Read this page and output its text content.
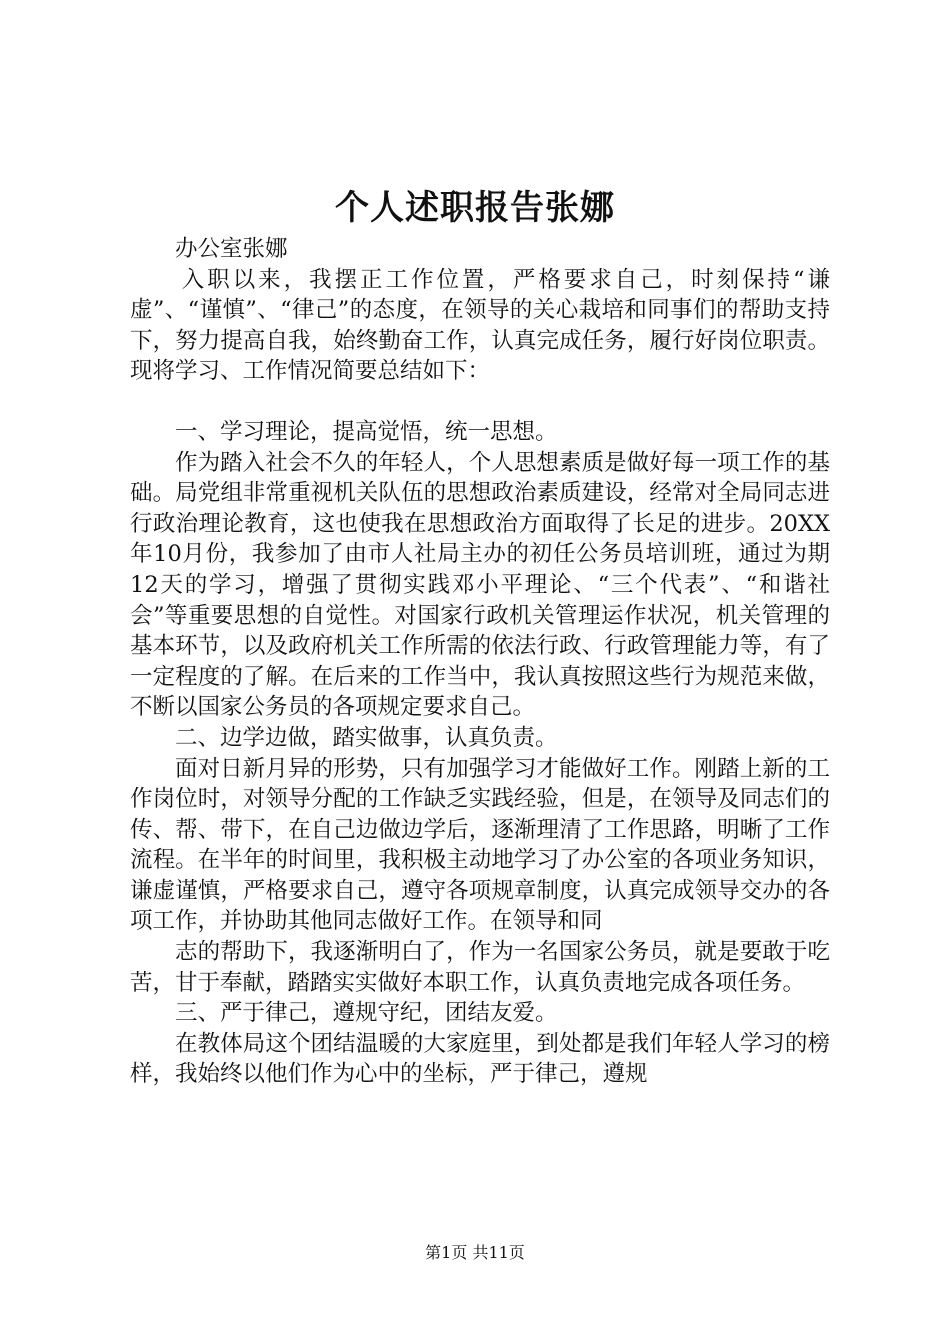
个人述职报告张娜

办公室张娜

入职以来，我摆正工作位置，严格要求自己，时刻保持“谦虚”、“谨慎”、“律己”的态度，在领导的关心栽培和同事们的帮助支持下，努力提高自我，始终勤奋工作，认真完成任务，履行好岗位职责。现将学习、工作情况简要总结如下：

一、学习理论，提高觉悟，统一思想。

作为踏入社会不久的年轻人，个人思想素质是做好每一项工作的基础。局党组非常重视机关队伍的思想政治素质建设，经常对全局同志进行政治理论教育，这也使我在思想政治方面取得了长足的进步。20XX年10月份，我参加了由市人社局主办的初任公务员培训班，通过为期12天的学习，增强了贯彻实践邓小平理论、“三个代表”、“和谐社会”等重要思想的自觉性。对国家行政机关管理运作状况，机关管理的基本环节，以及政府机关工作所需的依法行政、行政管理能力等，有了一定程度的了解。在后来的工作当中，我认真按照这些行为规范来做，不断以国家公务员的各项规定要求自己。

二、边学边做，踏实做事，认真负责。

面对日新月异的形势，只有加强学习才能做好工作。刚踏上新的工作岗位时，对领导分配的工作缺乏实践经验，但是，在领导及同志们的传、帮、带下，在自己边做边学后，逐渐理清了工作思路，明晰了工作流程。在半年的时间里，我积极主动地学习了办公室的各项业务知识，谦虚谨慎，严格要求自己，遵守各项规章制度，认真完成领导交办的各项工作，并协助其他同志做好工作。在领导和同

志的帮助下，我逐渐明白了，作为一名国家公务员，就是要敢于吃苦，甘于奉献，踏踏实实做好本职工作，认真负责地完成各项任务。

三、严于律己，遵规守纪，团结友爱。

在教体局这个团结温暖的大家庭里，到处都是我们年轻人学习的榜样，我始终以他们作为心中的坐标，严于律己，遵规

第1页 共11页
